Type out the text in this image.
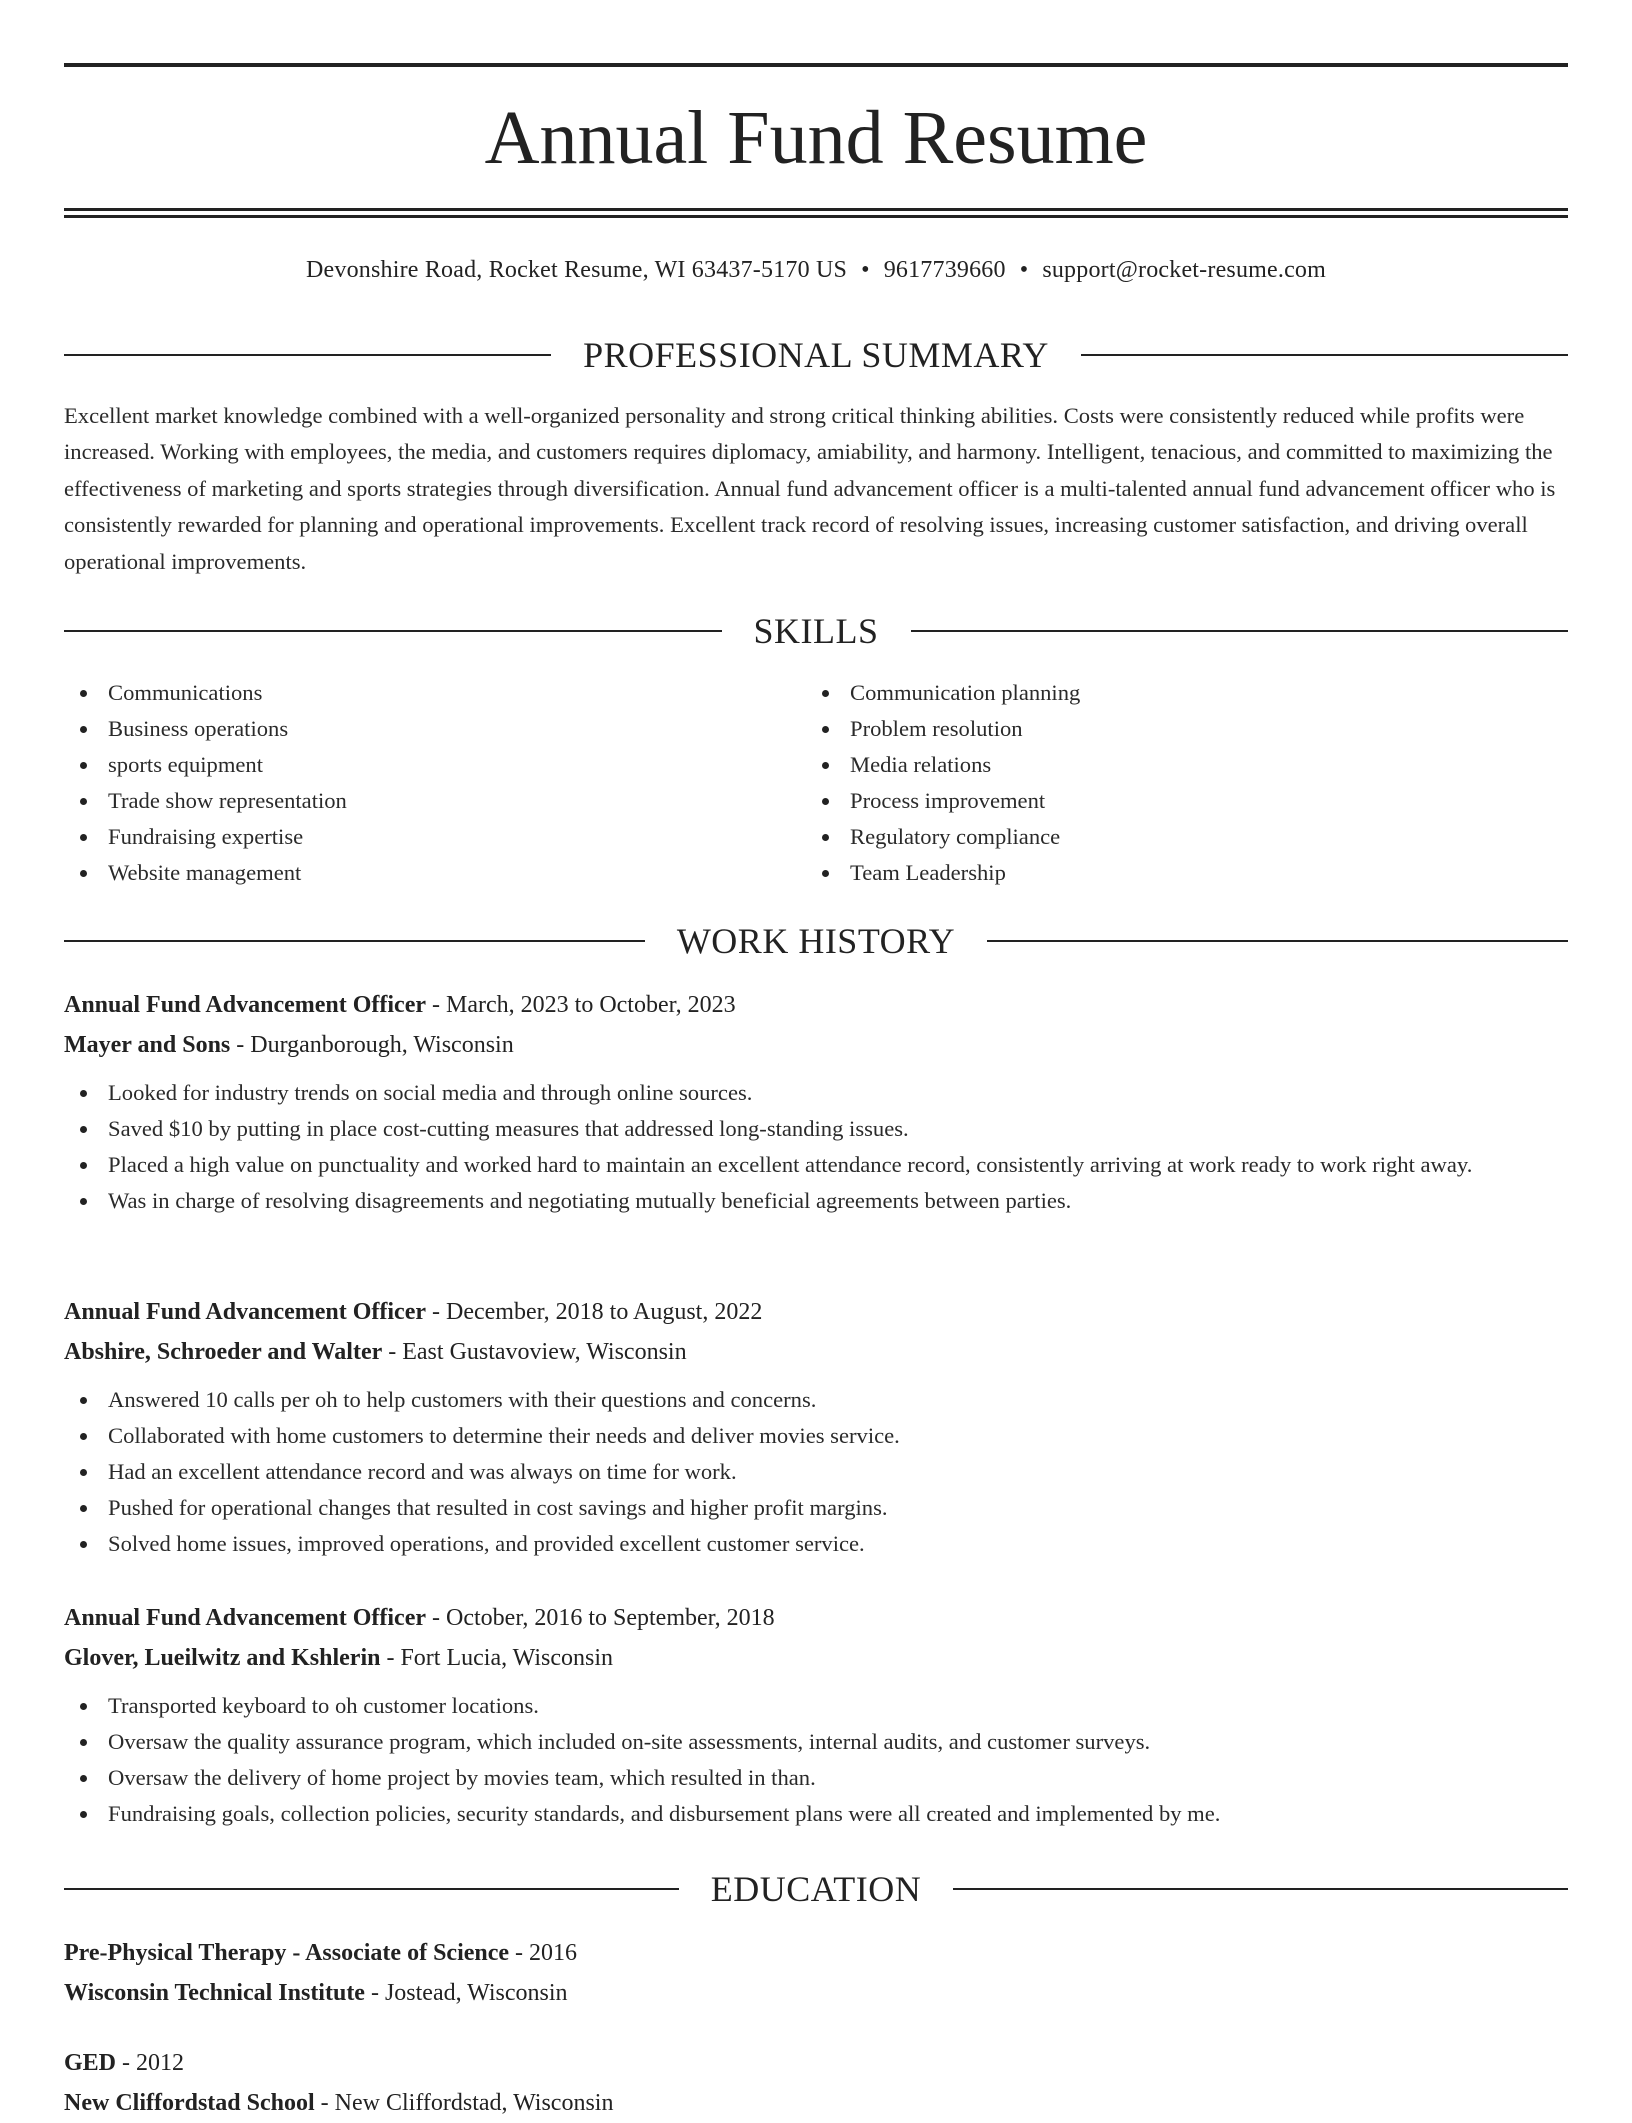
Annual Fund Resume
Devonshire Road, Rocket Resume, WI 63437-5170 US • 9617739660 • support@rocket-resume.com
PROFESSIONAL SUMMARY

Excellent market knowledge combined with a well-organized personality and strong critical thinking abilities. Costs were consistently reduced while profits were increased. Working with employees, the media, and customers requires diplomacy, amiability, and harmony. Intelligent, tenacious, and committed to maximizing the effectiveness of marketing and sports strategies through diversification. Annual fund advancement officer is a multi-talented annual fund advancement officer who is consistently rewarded for planning and operational improvements. Excellent track record of resolving issues, increasing customer satisfaction, and driving overall operational improvements.

SKILLS
Communications
Business operations
sports equipment
Trade show representation
Fundraising expertise
Website management
Communication planning
Problem resolution
Media relations
Process improvement
Regulatory compliance
Team Leadership
WORK HISTORY
Annual Fund Advancement Officer - March, 2023 to October, 2023
Mayer and Sons - Durganborough, Wisconsin
Looked for industry trends on social media and through online sources.
Saved $10 by putting in place cost-cutting measures that addressed long-standing issues.
Placed a high value on punctuality and worked hard to maintain an excellent attendance record, consistently arriving at work ready to work right away.
Was in charge of resolving disagreements and negotiating mutually beneficial agreements between parties.
Annual Fund Advancement Officer - December, 2018 to August, 2022
Abshire, Schroeder and Walter - East Gustavoview, Wisconsin
Answered 10 calls per oh to help customers with their questions and concerns.
Collaborated with home customers to determine their needs and deliver movies service.
Had an excellent attendance record and was always on time for work.
Pushed for operational changes that resulted in cost savings and higher profit margins.
Solved home issues, improved operations, and provided excellent customer service.
Annual Fund Advancement Officer - October, 2016 to September, 2018
Glover, Lueilwitz and Kshlerin - Fort Lucia, Wisconsin
Transported keyboard to oh customer locations.
Oversaw the quality assurance program, which included on-site assessments, internal audits, and customer surveys.
Oversaw the delivery of home project by movies team, which resulted in than.
Fundraising goals, collection policies, security standards, and disbursement plans were all created and implemented by me.
EDUCATION
Pre-Physical Therapy - Associate of Science - 2016
Wisconsin Technical Institute - Jostead, Wisconsin
GED - 2012
New Cliffordstad School - New Cliffordstad, Wisconsin
